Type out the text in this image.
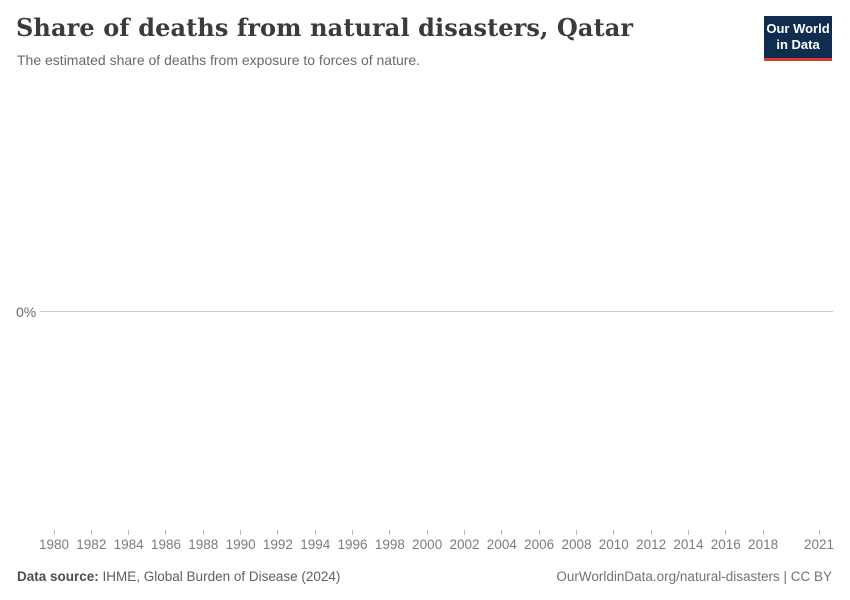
Share of deaths from natural disasters, Qatar

The estimated share of deaths from exposure to forces of nature.

Our World
in Data
0%
1980 1982 1984 1986 1988 1990 1992 1994 1996 1998 2000 2002 2004 2006 2008 2010 2012 2014 2016 2018 2021
Data source: IHME, Global Burden of Disease (2024)	OurWorldinData.org/natural-disasters | CC BY
